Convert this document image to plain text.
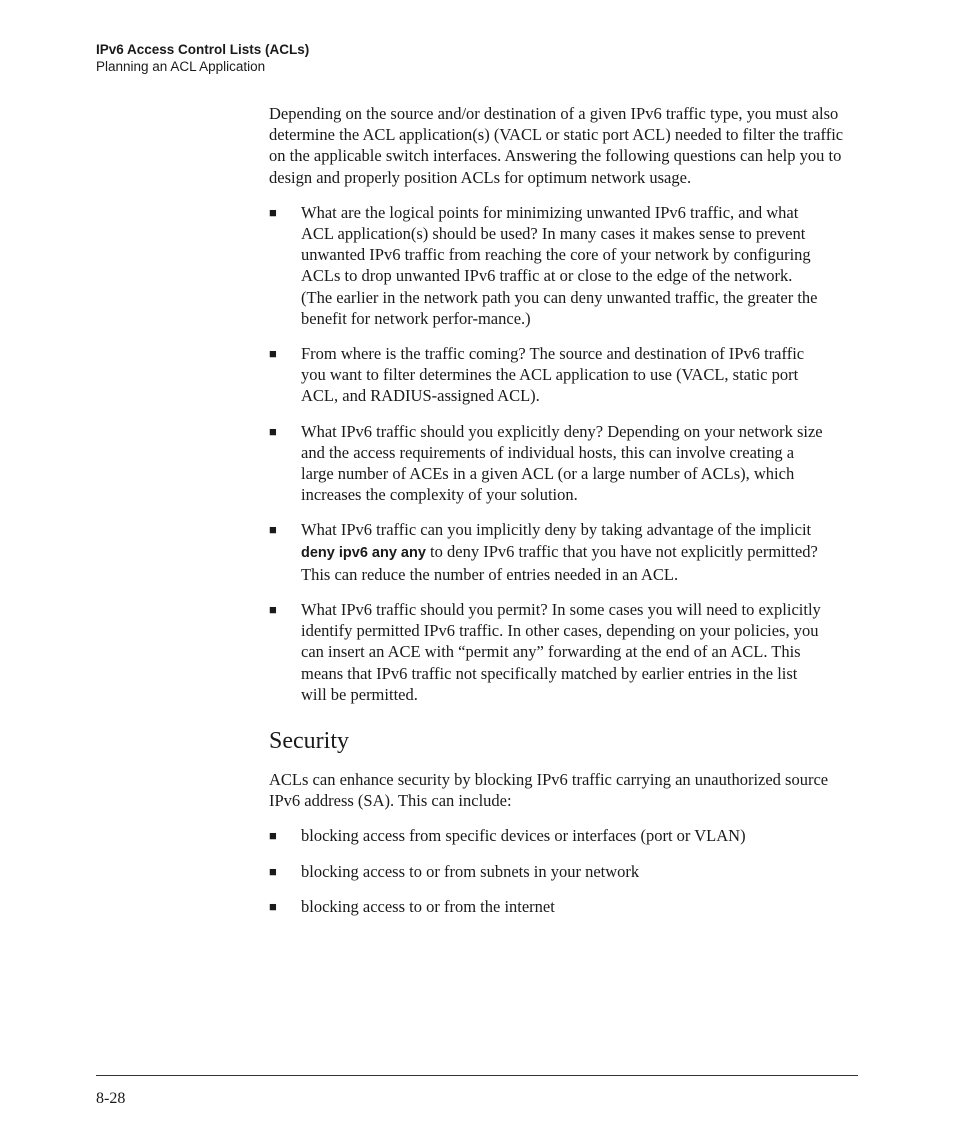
IPv6 Access Control Lists (ACLs)
Planning an ACL Application

Depending on the source and/or destination of a given IPv6 traffic type, you must also determine the ACL application(s) (VACL or static port ACL) needed to filter the traffic on the applicable switch interfaces. Answering the following questions can help you to design and properly position ACLs for optimum network usage.

■ What are the logical points for minimizing unwanted IPv6 traffic, and what ACL application(s) should be used? In many cases it makes sense to prevent unwanted IPv6 traffic from reaching the core of your network by configuring ACLs to drop unwanted IPv6 traffic at or close to the edge of the network. (The earlier in the network path you can deny unwanted traffic, the greater the benefit for network perfor-mance.)
■ From where is the traffic coming? The source and destination of IPv6 traffic you want to filter determines the ACL application to use (VACL, static port ACL, and RADIUS-assigned ACL).
■ What IPv6 traffic should you explicitly deny? Depending on your network size and the access requirements of individual hosts, this can involve creating a large number of ACEs in a given ACL (or a large number of ACLs), which increases the complexity of your solution.
■ What IPv6 traffic can you implicitly deny by taking advantage of the implicit deny ipv6 any any to deny IPv6 traffic that you have not explicitly permitted? This can reduce the number of entries needed in an ACL.
■ What IPv6 traffic should you permit? In some cases you will need to explicitly identify permitted IPv6 traffic. In other cases, depending on your policies, you can insert an ACE with “permit any” forwarding at the end of an ACL. This means that IPv6 traffic not specifically matched by earlier entries in the list will be permitted.
Security

ACLs can enhance security by blocking IPv6 traffic carrying an unauthorized source IPv6 address (SA). This can include:

■ blocking access from specific devices or interfaces (port or VLAN)
■ blocking access to or from subnets in your network
■ blocking access to or from the internet
8-28
